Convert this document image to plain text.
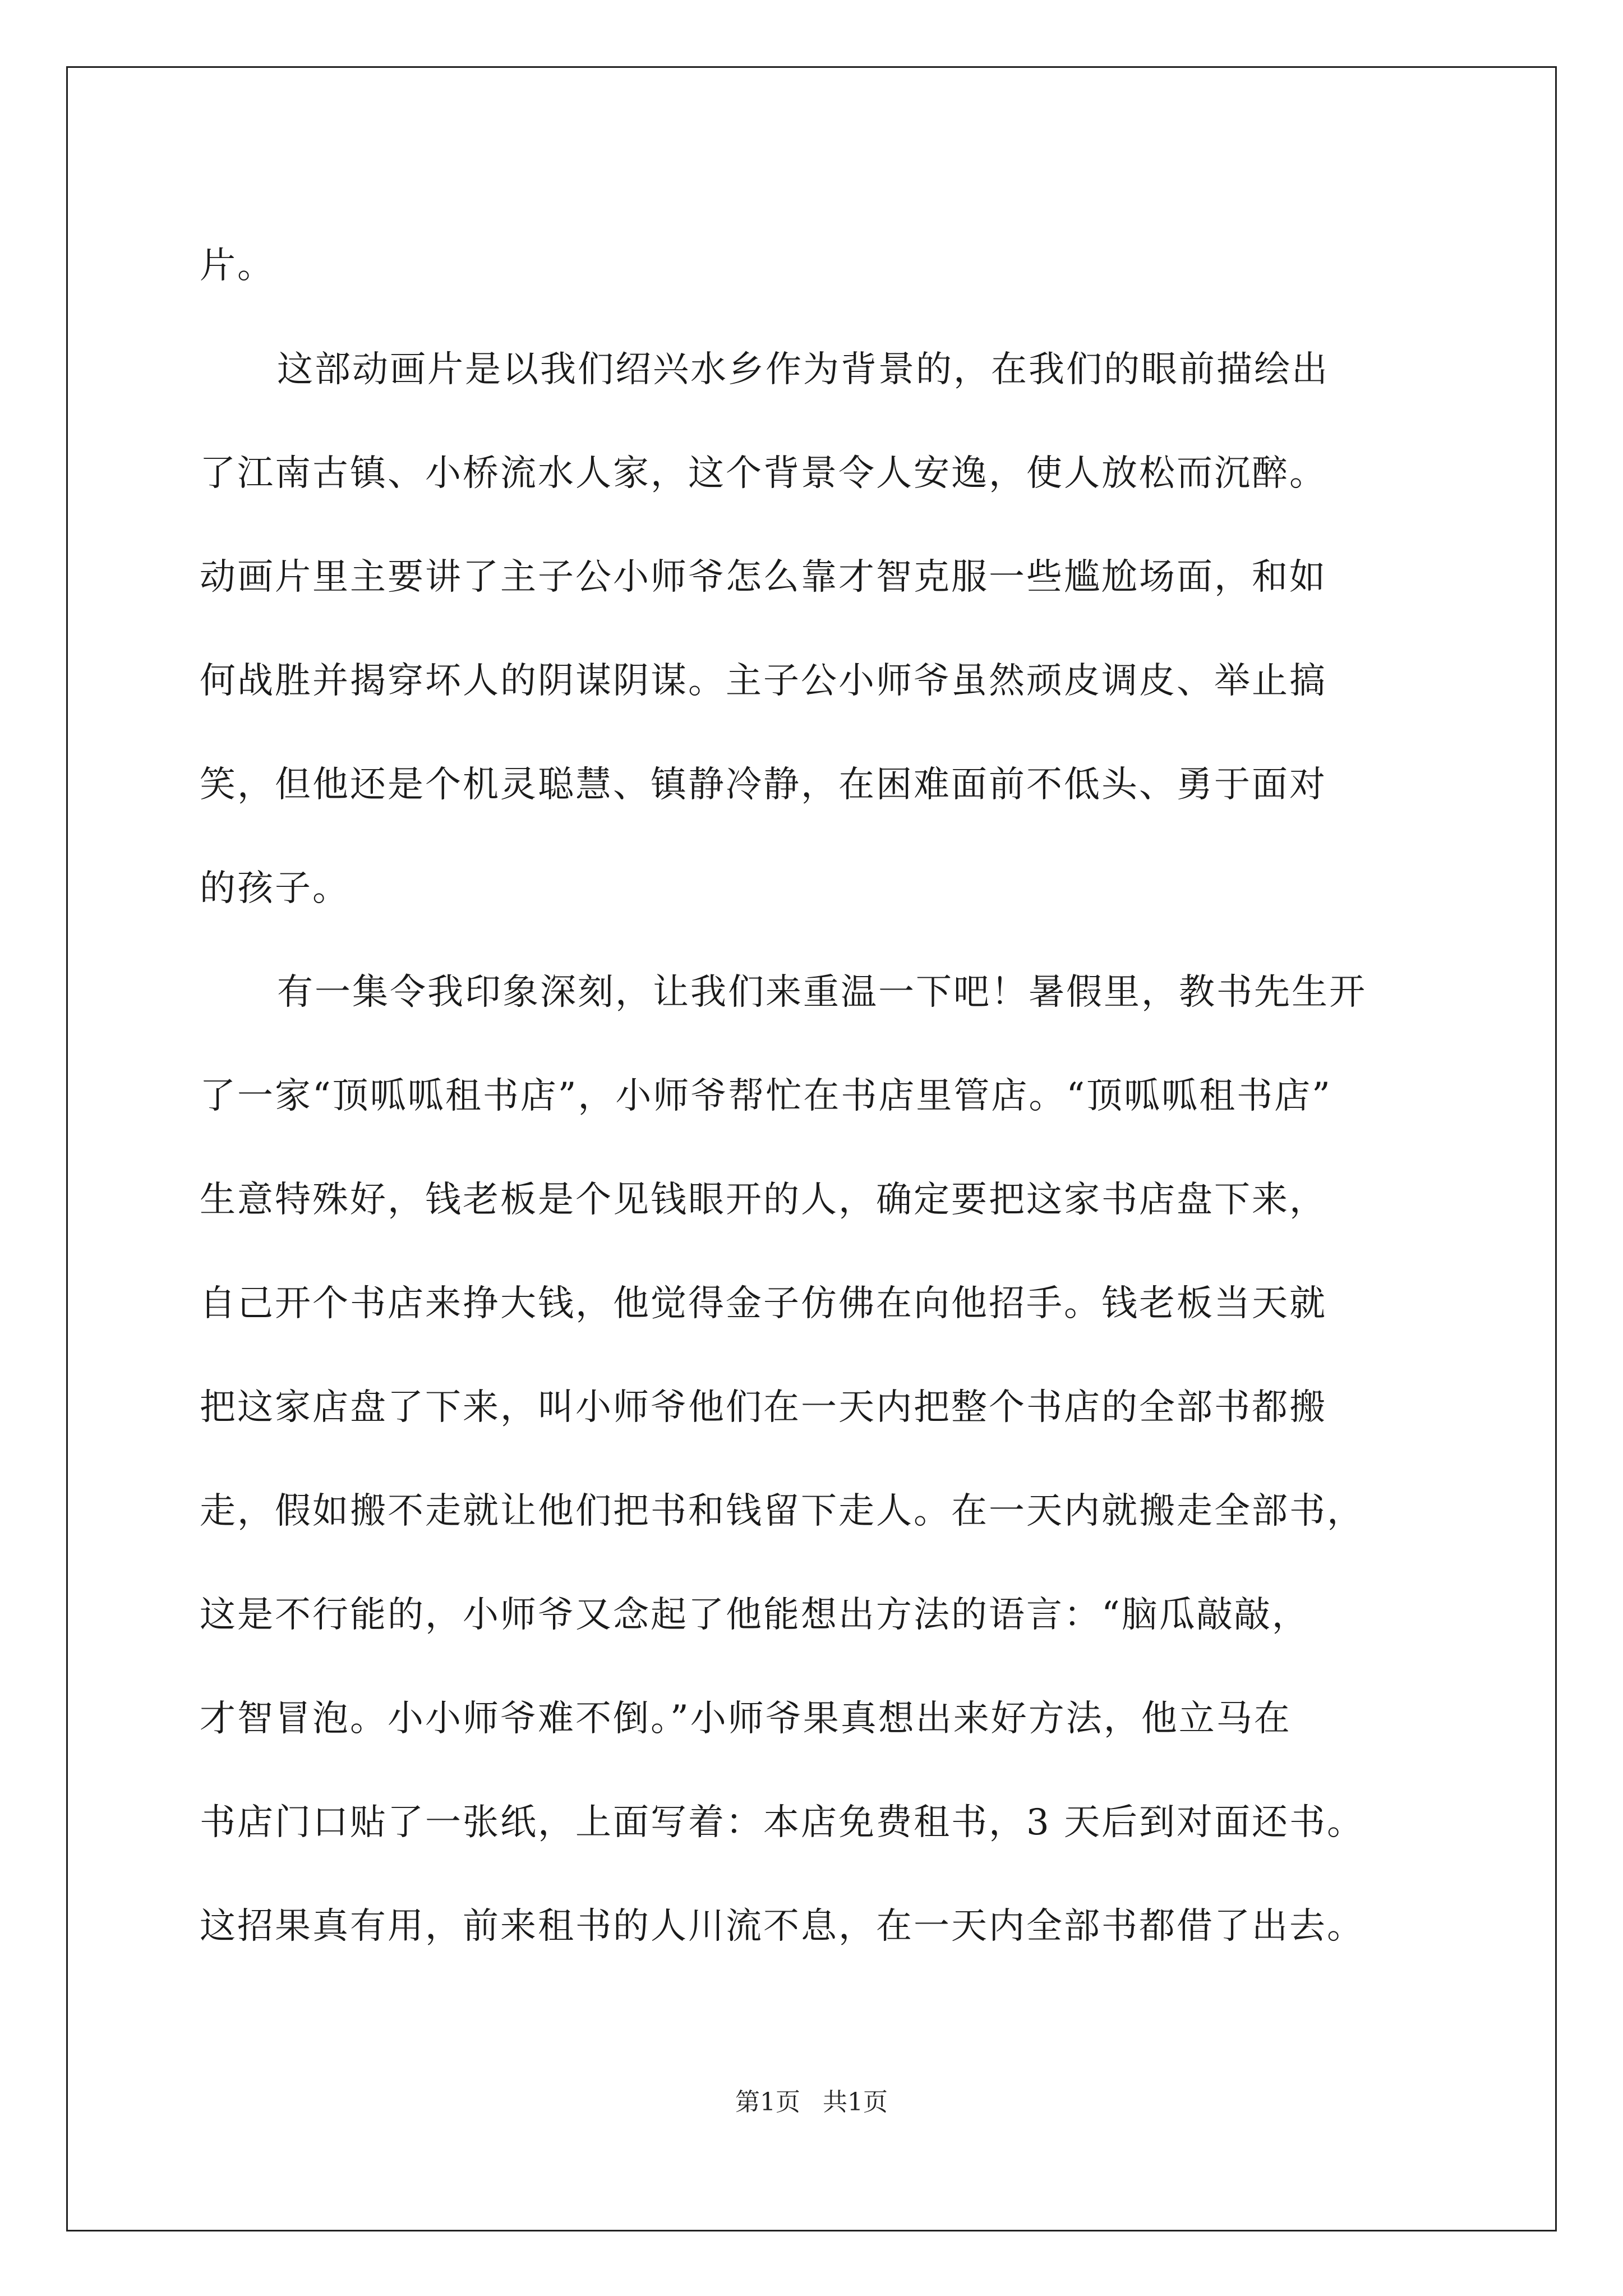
片。
这部动画片是以我们绍兴水乡作为背景的，在我们的眼前描绘出
了江南古镇、小桥流水人家，这个背景令人安逸，使人放松而沉醉。
动画片里主要讲了主子公小师爷怎么靠才智克服一些尴尬场面，和如
何战胜并揭穿坏人的阴谋阴谋。主子公小师爷虽然顽皮调皮、举止搞
笑，但他还是个机灵聪慧、镇静冷静，在困难面前不低头、勇于面对
的孩子。
有一集令我印象深刻，让我们来重温一下吧！暑假里，教书先生开
了一家“顶呱呱租书店”，小师爷帮忙在书店里管店。“顶呱呱租书店”
生意特殊好，钱老板是个见钱眼开的人，确定要把这家书店盘下来，
自己开个书店来挣大钱，他觉得金子仿佛在向他招手。钱老板当天就
把这家店盘了下来，叫小师爷他们在一天内把整个书店的全部书都搬
走，假如搬不走就让他们把书和钱留下走人。在一天内就搬走全部书，
这是不行能的，小师爷又念起了他能想出方法的语言：“脑瓜敲敲，
才智冒泡。小小师爷难不倒。”小师爷果真想出来好方法，他立马在
书店门口贴了一张纸，上面写着：本店免费租书，3 天后到对面还书。
这招果真有用，前来租书的人川流不息，在一天内全部书都借了出去。
第1页 共1页
